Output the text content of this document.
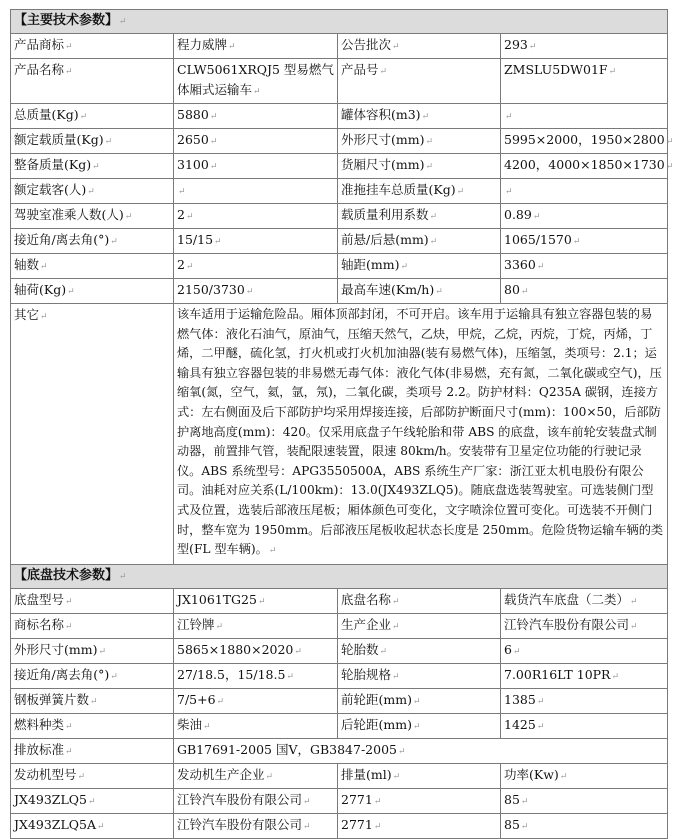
【主要技术参数】↵			
产品商标↵	程力威牌↵	公告批次↵	293↵
产品名称↵	CLW5061XRQJ5 型易燃气体厢式运输车↵	产品号↵	ZMSLU5DW01F↵
总质量(Kg)↵	5880↵	罐体容积(m3)↵	↵
额定载质量(Kg)↵	2650↵	外形尺寸(mm)↵	5995×2000，1950×2800↵
整备质量(Kg)↵	3100↵	货厢尺寸(mm)↵	4200，4000×1850×1730↵
额定载客(人)↵	↵	准拖挂车总质量(Kg)↵	↵
驾驶室准乘人数(人)↵	2↵	载质量利用系数↵	0.89↵
接近角/离去角(°)↵	15/15↵	前悬/后悬(mm)↵	1065/1570↵
轴数↵	2↵	轴距(mm)↵	3360↵
轴荷(Kg)↵	2150/3730↵	最高车速(Km/h)↵	80↵
其它↵	该车适用于运输危险品。厢体顶部封闭，不可开启。该车用于运输具有独立容器包装的易燃气体：液化石油气，原油气，压缩天然气，乙炔，甲烷，乙烷，丙烷，丁烷，丙烯，丁烯，二甲醚，硫化氢，打火机或打火机加油器(装有易燃气体)，压缩氢，类项号：2.1；运输具有独立容器包装的非易燃无毒气体：液化气体(非易燃，充有氮，二氧化碳或空气)，压缩氧(氮，空气，氦，氩，氖)，二氧化碳，类项号 2.2。防护材料：Q235A 碳钢，连接方式：左右侧面及后下部防护均采用焊接连接，后部防护断面尺寸(mm)：100×50，后部防护离地高度(mm)：420。仅采用底盘子午线轮胎和带 ABS 的底盘，该车前轮安装盘式制动器，前置排气管，装配限速装置，限速 80km/h。安装带有卫星定位功能的行驶记录仪。ABS 系统型号：APG3550500A，ABS 系统生产厂家：浙江亚太机电股份有限公司。油耗对应关系(L/100km)：13.0(JX493ZLQ5)。随底盘选装驾驶室。可选装侧门型式及位置，选装后部液压尾板；厢体颜色可变化，文字喷涂位置可变化。可选装不开侧门时，整车宽为 1950mm。后部液压尾板收起状态长度是 250mm。危险货物运输车辆的类型(FL 型车辆)。↵		
【底盘技术参数】↵			
底盘型号↵	JX1061TG25↵	底盘名称↵	载货汽车底盘（二类）↵
商标名称↵	江铃牌↵	生产企业↵	江铃汽车股份有限公司↵
外形尺寸(mm)↵	5865×1880×2020↵	轮胎数↵	6↵
接近角/离去角(°)↵	27/18.5，15/18.5↵	轮胎规格↵	7.00R16LT 10PR↵
钢板弹簧片数↵	7/5+6↵	前轮距(mm)↵	1385↵
燃料种类↵	柴油↵	后轮距(mm)↵	1425↵
排放标准↵	GB17691-2005 国Ⅴ，GB3847-2005↵		
发动机型号↵	发动机生产企业↵	排量(ml)↵	功率(Kw)↵
JX493ZLQ5↵	江铃汽车股份有限公司↵	2771↵	85↵
JX493ZLQ5A↵	江铃汽车股份有限公司↵	2771↵	85↵
